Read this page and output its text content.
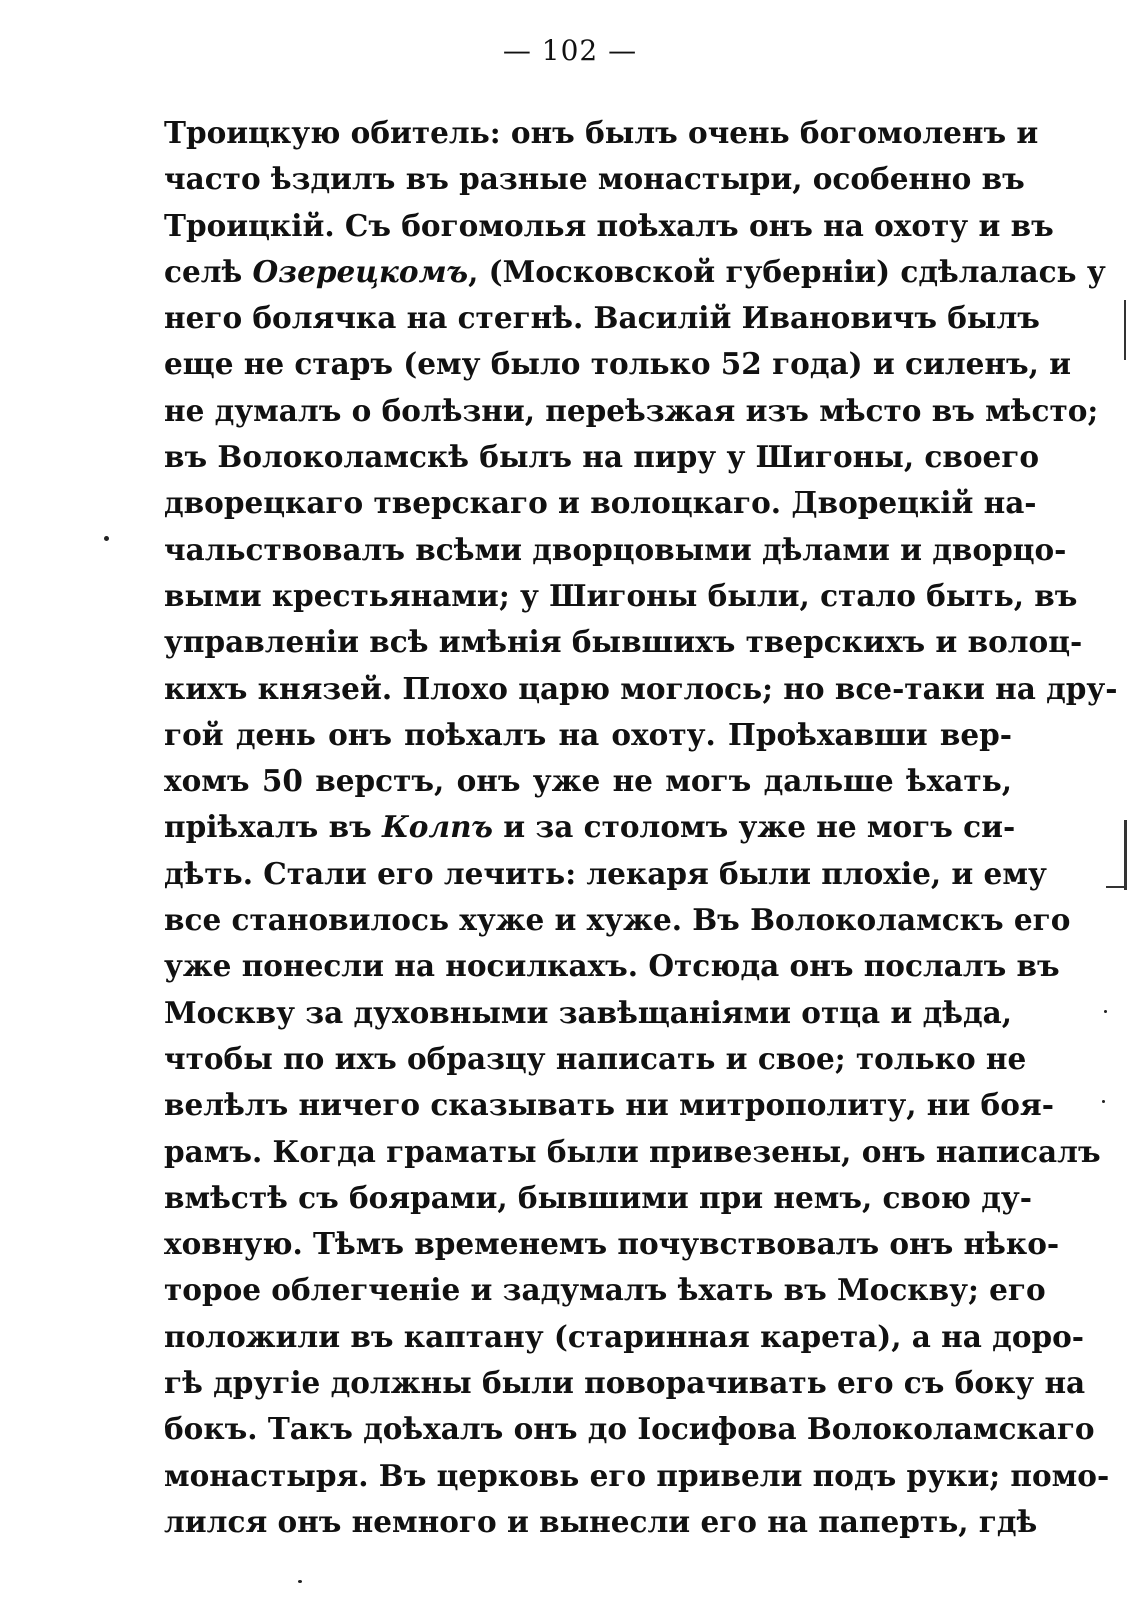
— 102 —
Троицкую обитель: онъ былъ очень богомоленъ и
часто ѣздилъ въ разные монастыри, особенно въ
Троицкій. Съ богомолья поѣхалъ онъ на охоту и въ
селѣ Озерецкомъ, (Московской губерніи) сдѣлалась у
него болячка на стегнѣ. Василій Ивановичъ былъ
еще не старъ (ему было только 52 года) и силенъ, и
не думалъ о болѣзни, переѣзжая изъ мѣсто въ мѣсто;
въ Волоколамскѣ былъ на пиру у Шигоны, своего
дворецкаго тверскаго и волоцкаго. Дворецкій на-
чальствовалъ всѣми дворцовыми дѣлами и дворцо-
выми крестьянами; у Шигоны были, стало быть, въ
управленіи всѣ имѣнія бывшихъ тверскихъ и волоц-
кихъ князей. Плохо царю моглось; но все-таки на дру-
гой день онъ поѣхалъ на охоту. Проѣхавши вер-
хомъ 50 верстъ, онъ уже не могъ дальше ѣхать,
пріѣхалъ въ Колпъ и за столомъ уже не могъ си-
дѣть. Стали его лечить: лекаря были плохіе, и ему
все становилось хуже и хуже. Въ Волоколамскъ его
уже понесли на носилкахъ. Отсюда онъ послалъ въ
Москву за духовными завѣщаніями отца и дѣда,
чтобы по ихъ образцу написать и свое; только не
велѣлъ ничего сказывать ни митрополиту, ни боя-
рамъ. Когда граматы были привезены, онъ написалъ
вмѣстѣ съ боярами, бывшими при немъ, свою ду-
ховную. Тѣмъ временемъ почувствовалъ онъ нѣко-
торое облегченіе и задумалъ ѣхать въ Москву; его
положили въ каптану (старинная карета), а на доро-
гѣ другіе должны были поворачивать его съ боку на
бокъ. Такъ доѣхалъ онъ до Іосифова Волоколамскаго
монастыря. Въ церковь его привели подъ руки; помо-
лился онъ немного и вынесли его на паперть, гдѣ
